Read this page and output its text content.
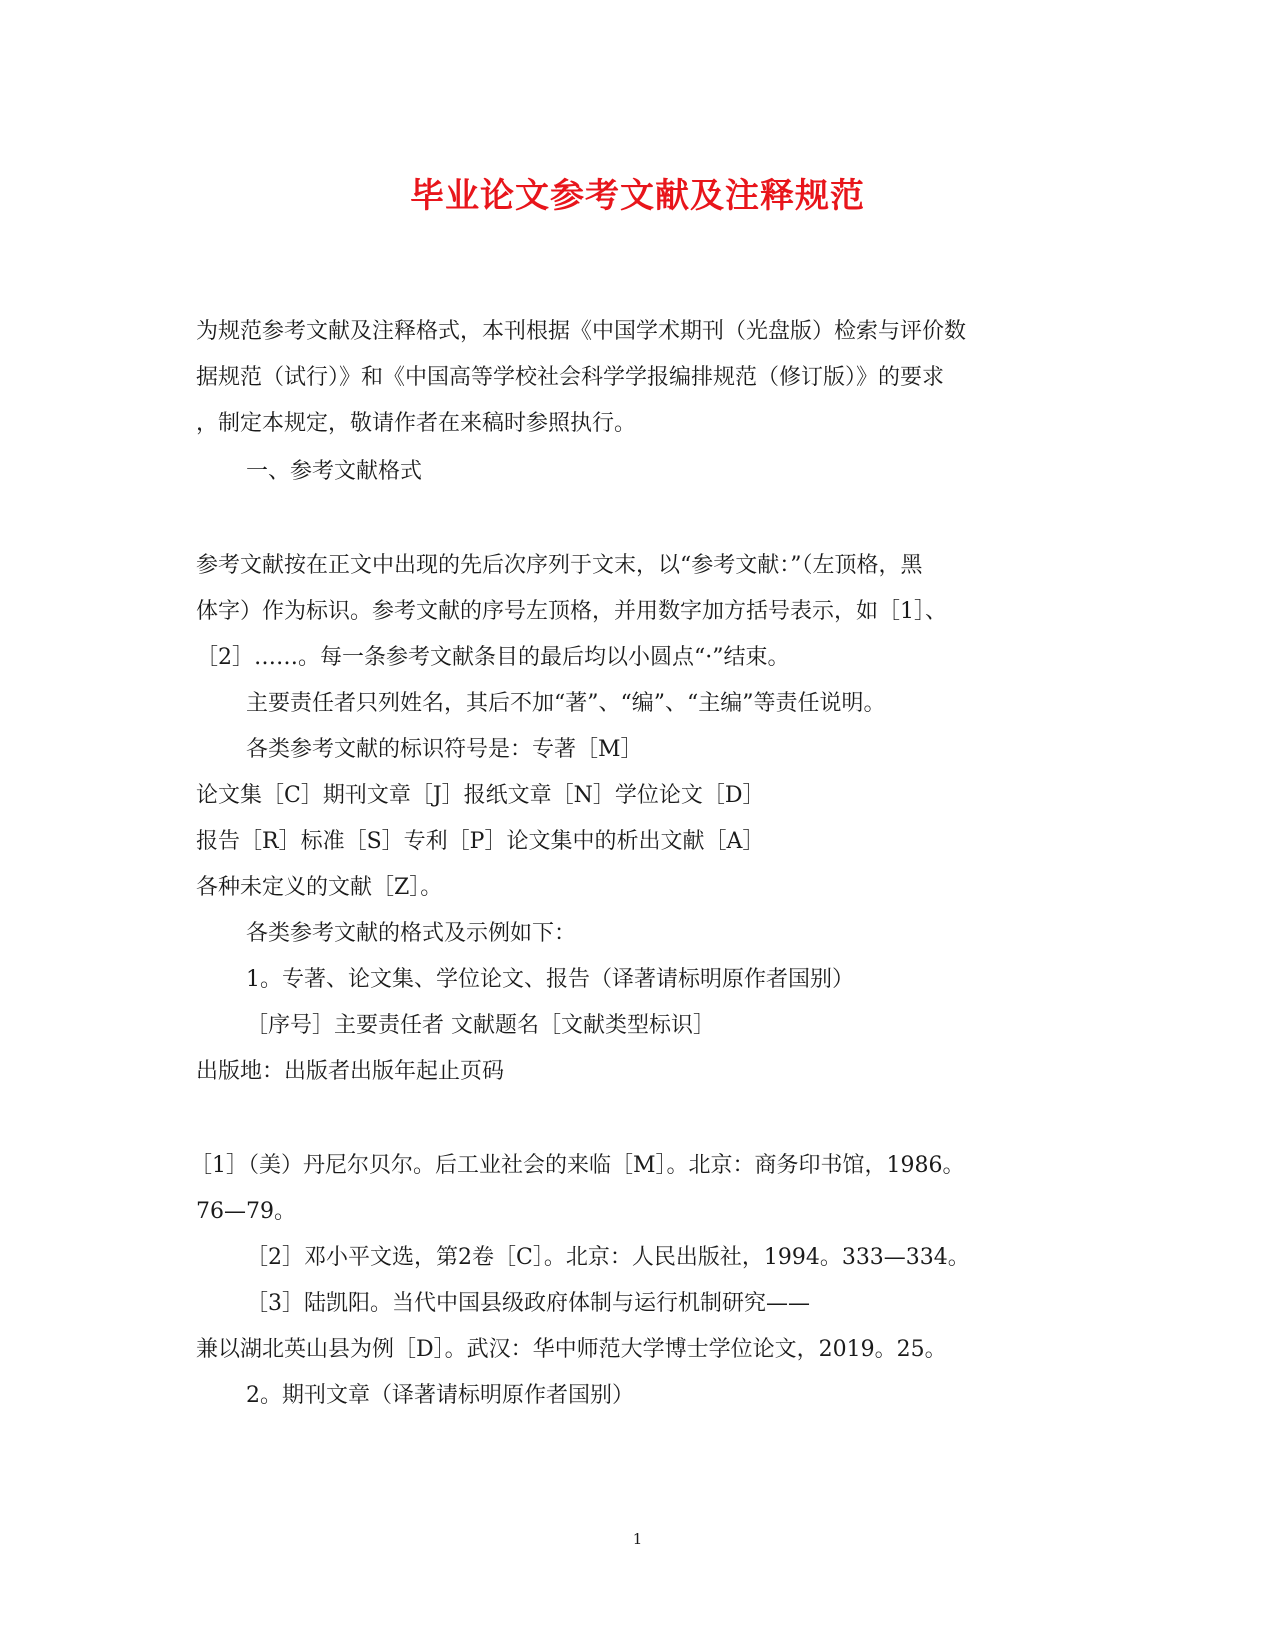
毕业论文参考文献及注释规范
为规范参考文献及注释格式，本刊根据《中国学术期刊（光盘版）检索与评价数
据规范（试行）》和《中国高等学校社会科学学报编排规范（修订版）》的要求
，制定本规定，敬请作者在来稿时参照执行。
一、参考文献格式
参考文献按在正文中出现的先后次序列于文末，以“参考文献：”（左顶格，黑
体字）作为标识。参考文献的序号左顶格，并用数字加方括号表示，如［1］、
［2］……。每一条参考文献条目的最后均以小圆点“·”结束。
主要责任者只列姓名，其后不加“著”、“编”、“主编”等责任说明。
各类参考文献的标识符号是：专著［M］
论文集［C］期刊文章［J］报纸文章［N］学位论文［D］
报告［R］标准［S］专利［P］论文集中的析出文献［A］
各种未定义的文献［Z］。
各类参考文献的格式及示例如下：
1。专著、论文集、学位论文、报告（译著请标明原作者国别）
［序号］主要责任者 文献题名［文献类型标识］
出版地：出版者出版年起止页码
［1］（美）丹尼尔贝尔。后工业社会的来临［M］。北京：商务印书馆，1986。
76—79。
［2］邓小平文选，第2卷［C］。北京：人民出版社，1994。333—334。
［3］陆凯阳。当代中国县级政府体制与运行机制研究——
兼以湖北英山县为例［D］。武汉：华中师范大学博士学位论文，2019。25。
2。期刊文章（译著请标明原作者国别）
1
